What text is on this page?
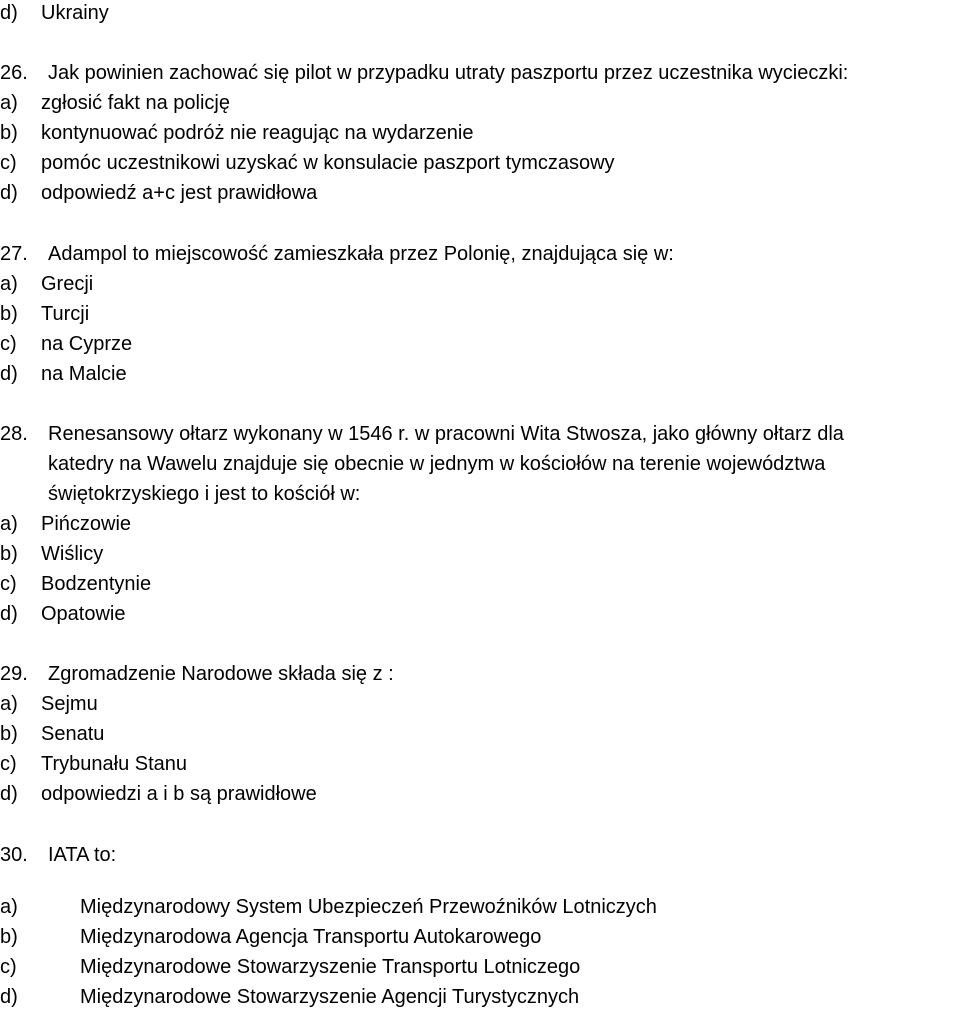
d) Ukrainy
26. Jak powinien zachować się pilot w przypadku utraty paszportu przez uczestnika wycieczki:
a) zgłosić fakt na policję
b) kontynuować podróż nie reagując na wydarzenie
c) pomóc uczestnikowi uzyskać w konsulacie paszport tymczasowy
d) odpowiedź a+c jest prawidłowa
27. Adampol to miejscowość zamieszkała przez Polonię, znajdująca się w:
a) Grecji
b) Turcji
c) na Cyprze
d) na Malcie
28. Renesansowy ołtarz wykonany w 1546 r. w pracowni Wita Stwosza, jako główny ołtarz dla
katedry na Wawelu znajduje się obecnie w jednym w kościołów na terenie województwa
świętokrzyskiego i jest to kościół w:
a) Pińczowie
b) Wiślicy
c) Bodzentynie
d) Opatowie
29. Zgromadzenie Narodowe składa się z :
a) Sejmu
b) Senatu
c) Trybunału Stanu
d) odpowiedzi a i b są prawidłowe
30. IATA to:
a)	Międzynarodowy System Ubezpieczeń Przewoźników Lotniczych
b)	Międzynarodowa Agencja Transportu Autokarowego
c)	Międzynarodowe Stowarzyszenie Transportu Lotniczego
d)	Międzynarodowe Stowarzyszenie Agencji Turystycznych
